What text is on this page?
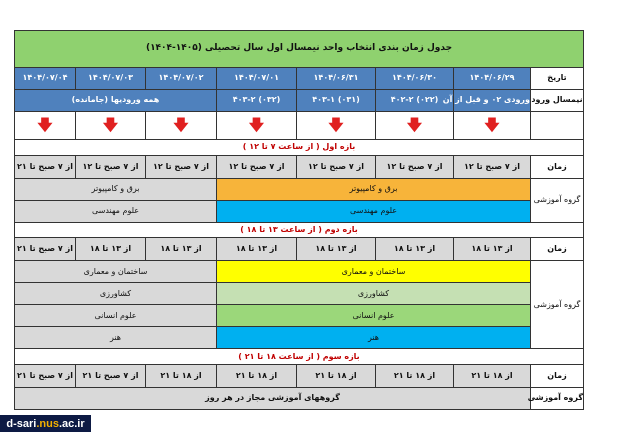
جدول زمان بندی انتخاب واحد نیمسال اول سال تحصیلی (۱۴۰۵-۱۴۰۴)							
تاریخ	۱۴۰۴/۰۶/۲۹	۱۴۰۴/۰۶/۳۰	۱۴۰۴/۰۶/۳۱	۱۴۰۴/۰۷/۰۱	۱۴۰۴/۰۷/۰۲	۱۴۰۴/۰۷/۰۳	۱۴۰۴/۰۷/۰۴
نیمسال ورود	ورودی ۰۲ و قبل از آن	(۰۲۲) ۴۰۲-۲	(۰۳۱) ۴۰۳-۱	(۰۳۲) ۴۰۳-۲	همه ورودیها (جامانده)		
	🡇	🡇	🡇	🡇	🡇	🡇	🡇
بازه اول ( از ساعت ۷ تا ۱۲ )							
زمان	از ۷ صبح تا ۱۲	از ۷ صبح تا ۱۲	از ۷ صبح تا ۱۲	از ۷ صبح تا ۱۲	از ۷ صبح تا ۱۲	از ۷ صبح تا ۱۲	از ۷ صبح تا ۲۱
گروه آموزشی	برق و کامپیوتر				برق و کامپیوتر		
	علوم مهندسی				علوم مهندسی		
بازه دوم ( از ساعت ۱۳ تا ۱۸ )							
زمان	از ۱۳ تا ۱۸	از ۱۳ تا ۱۸	از ۱۳ تا ۱۸	از ۱۳ تا ۱۸	از ۱۳ تا ۱۸	از ۱۳ تا ۱۸	از ۷ صبح تا ۲۱
گروه آموزشی	ساختمان و معماری				ساختمان و معماری		
	کشاورزی				کشاورزی		
	علوم انسانی				علوم انسانی		
	هنر				هنر		
بازه سوم ( از ساعت ۱۸ تا ۲۱ )							
زمان	از ۱۸ تا ۲۱	از ۱۸ تا ۲۱	از ۱۸ تا ۲۱	از ۱۸ تا ۲۱	از ۱۸ تا ۲۱	از ۷ صبح تا ۲۱	از ۷ صبح تا ۲۱
گروه آموزشی	گروههای آموزشی مجاز در هر روز						
d-sari .nus .ac.ir
